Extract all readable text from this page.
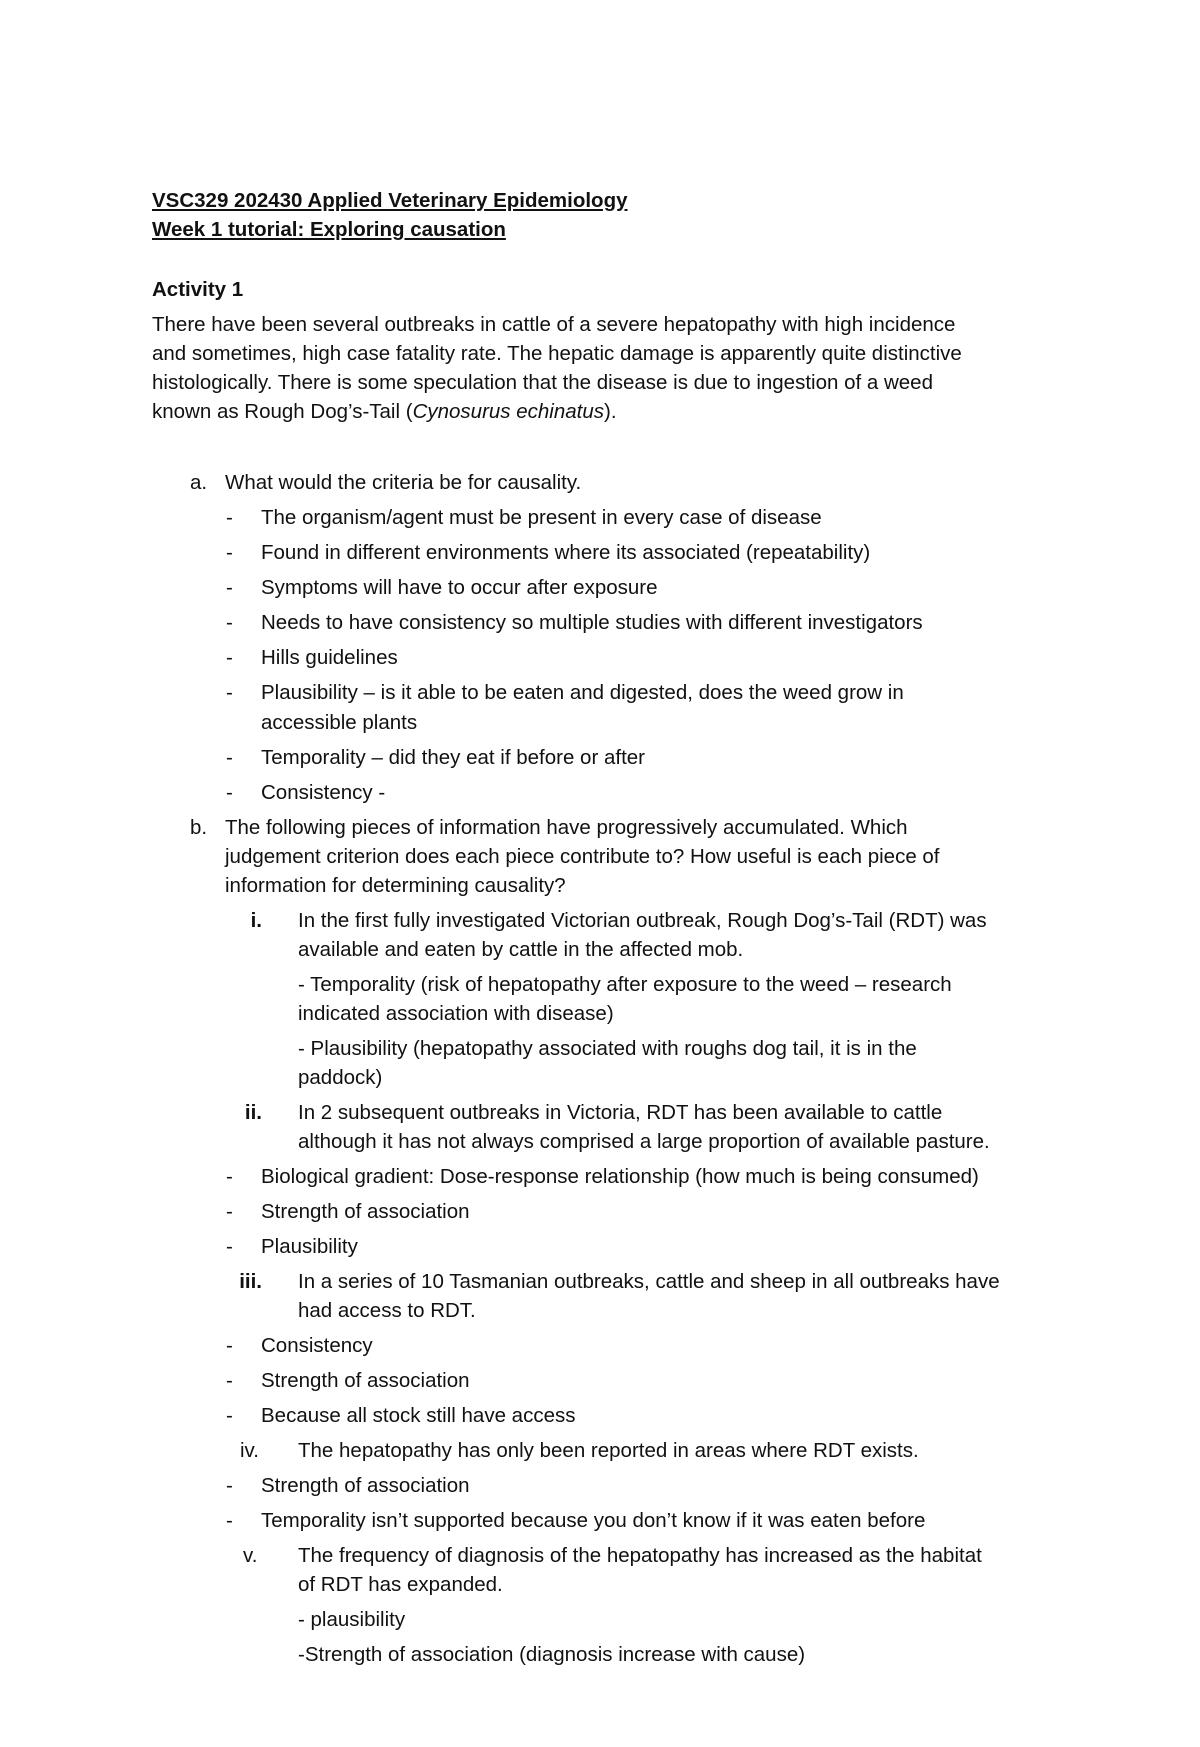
VSC329 202430 Applied Veterinary Epidemiology
Week 1 tutorial: Exploring causation
Activity 1
There have been several outbreaks in cattle of a severe hepatopathy with high incidence
and sometimes, high case fatality rate. The hepatic damage is apparently quite distinctive
histologically. There is some speculation that the disease is due to ingestion of a weed
known as Rough Dog’s-Tail (Cynosurus echinatus).
a. What would the criteria be for causality.
- The organism/agent must be present in every case of disease
- Found in different environments where its associated (repeatability)
- Symptoms will have to occur after exposure
- Needs to have consistency so multiple studies with different investigators
- Hills guidelines
- Plausibility – is it able to be eaten and digested, does the weed grow in
accessible plants
- Temporality – did they eat if before or after
- Consistency -
b. The following pieces of information have progressively accumulated. Which
judgement criterion does each piece contribute to? How useful is each piece of
information for determining causality?
i. In the first fully investigated Victorian outbreak, Rough Dog’s-Tail (RDT) was
available and eaten by cattle in the affected mob.
- Temporality (risk of hepatopathy after exposure to the weed – research
indicated association with disease)
- Plausibility (hepatopathy associated with roughs dog tail, it is in the
paddock)
ii. In 2 subsequent outbreaks in Victoria, RDT has been available to cattle
although it has not always comprised a large proportion of available pasture.
- Biological gradient: Dose-response relationship (how much is being consumed)
- Strength of association
- Plausibility
iii. In a series of 10 Tasmanian outbreaks, cattle and sheep in all outbreaks have
had access to RDT.
- Consistency
- Strength of association
- Because all stock still have access
iv. The hepatopathy has only been reported in areas where RDT exists.
- Strength of association
- Temporality isn’t supported because you don’t know if it was eaten before
v. The frequency of diagnosis of the hepatopathy has increased as the habitat
of RDT has expanded.
- plausibility
-Strength of association (diagnosis increase with cause)
